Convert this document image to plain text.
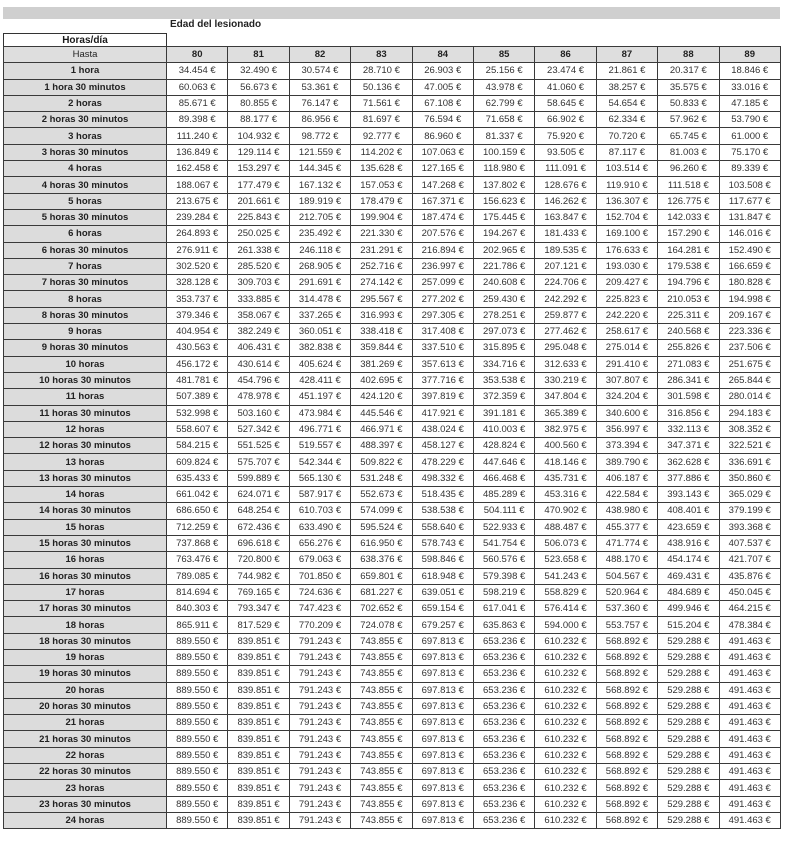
Edad del lesionado
Horas/día
Hasta	80	81	82	83	84	85	86	87	88	89
1 hora	34.454 €	32.490 €	30.574 €	28.710 €	26.903 €	25.156 €	23.474 €	21.861 €	20.317 €	18.846 €
1 hora 30 minutos	60.063 €	56.673 €	53.361 €	50.136 €	47.005 €	43.978 €	41.060 €	38.257 €	35.575 €	33.016 €
2 horas	85.671 €	80.855 €	76.147 €	71.561 €	67.108 €	62.799 €	58.645 €	54.654 €	50.833 €	47.185 €
2 horas 30 minutos	89.398 €	88.177 €	86.956 €	81.697 €	76.594 €	71.658 €	66.902 €	62.334 €	57.962 €	53.790 €
3 horas	111.240 €	104.932 €	98.772 €	92.777 €	86.960 €	81.337 €	75.920 €	70.720 €	65.745 €	61.000 €
3 horas 30 minutos	136.849 €	129.114 €	121.559 €	114.202 €	107.063 €	100.159 €	93.505 €	87.117 €	81.003 €	75.170 €
4 horas	162.458 €	153.297 €	144.345 €	135.628 €	127.165 €	118.980 €	111.091 €	103.514 €	96.260 €	89.339 €
4 horas 30 minutos	188.067 €	177.479 €	167.132 €	157.053 €	147.268 €	137.802 €	128.676 €	119.910 €	111.518 €	103.508 €
5 horas	213.675 €	201.661 €	189.919 €	178.479 €	167.371 €	156.623 €	146.262 €	136.307 €	126.775 €	117.677 €
5 horas 30 minutos	239.284 €	225.843 €	212.705 €	199.904 €	187.474 €	175.445 €	163.847 €	152.704 €	142.033 €	131.847 €
6 horas	264.893 €	250.025 €	235.492 €	221.330 €	207.576 €	194.267 €	181.433 €	169.100 €	157.290 €	146.016 €
6 horas 30 minutos	276.911 €	261.338 €	246.118 €	231.291 €	216.894 €	202.965 €	189.535 €	176.633 €	164.281 €	152.490 €
7 horas	302.520 €	285.520 €	268.905 €	252.716 €	236.997 €	221.786 €	207.121 €	193.030 €	179.538 €	166.659 €
7 horas 30 minutos	328.128 €	309.703 €	291.691 €	274.142 €	257.099 €	240.608 €	224.706 €	209.427 €	194.796 €	180.828 €
8 horas	353.737 €	333.885 €	314.478 €	295.567 €	277.202 €	259.430 €	242.292 €	225.823 €	210.053 €	194.998 €
8 horas 30 minutos	379.346 €	358.067 €	337.265 €	316.993 €	297.305 €	278.251 €	259.877 €	242.220 €	225.311 €	209.167 €
9 horas	404.954 €	382.249 €	360.051 €	338.418 €	317.408 €	297.073 €	277.462 €	258.617 €	240.568 €	223.336 €
9 horas 30 minutos	430.563 €	406.431 €	382.838 €	359.844 €	337.510 €	315.895 €	295.048 €	275.014 €	255.826 €	237.506 €
10 horas	456.172 €	430.614 €	405.624 €	381.269 €	357.613 €	334.716 €	312.633 €	291.410 €	271.083 €	251.675 €
10 horas 30 minutos	481.781 €	454.796 €	428.411 €	402.695 €	377.716 €	353.538 €	330.219 €	307.807 €	286.341 €	265.844 €
11 horas	507.389 €	478.978 €	451.197 €	424.120 €	397.819 €	372.359 €	347.804 €	324.204 €	301.598 €	280.014 €
11 horas 30 minutos	532.998 €	503.160 €	473.984 €	445.546 €	417.921 €	391.181 €	365.389 €	340.600 €	316.856 €	294.183 €
12 horas	558.607 €	527.342 €	496.771 €	466.971 €	438.024 €	410.003 €	382.975 €	356.997 €	332.113 €	308.352 €
12 horas 30 minutos	584.215 €	551.525 €	519.557 €	488.397 €	458.127 €	428.824 €	400.560 €	373.394 €	347.371 €	322.521 €
13 horas	609.824 €	575.707 €	542.344 €	509.822 €	478.229 €	447.646 €	418.146 €	389.790 €	362.628 €	336.691 €
13 horas 30 minutos	635.433 €	599.889 €	565.130 €	531.248 €	498.332 €	466.468 €	435.731 €	406.187 €	377.886 €	350.860 €
14 horas	661.042 €	624.071 €	587.917 €	552.673 €	518.435 €	485.289 €	453.316 €	422.584 €	393.143 €	365.029 €
14 horas 30 minutos	686.650 €	648.254 €	610.703 €	574.099 €	538.538 €	504.111 €	470.902 €	438.980 €	408.401 €	379.199 €
15 horas	712.259 €	672.436 €	633.490 €	595.524 €	558.640 €	522.933 €	488.487 €	455.377 €	423.659 €	393.368 €
15 horas 30 minutos	737.868 €	696.618 €	656.276 €	616.950 €	578.743 €	541.754 €	506.073 €	471.774 €	438.916 €	407.537 €
16 horas	763.476 €	720.800 €	679.063 €	638.376 €	598.846 €	560.576 €	523.658 €	488.170 €	454.174 €	421.707 €
16 horas 30 minutos	789.085 €	744.982 €	701.850 €	659.801 €	618.948 €	579.398 €	541.243 €	504.567 €	469.431 €	435.876 €
17 horas	814.694 €	769.165 €	724.636 €	681.227 €	639.051 €	598.219 €	558.829 €	520.964 €	484.689 €	450.045 €
17 horas 30 minutos	840.303 €	793.347 €	747.423 €	702.652 €	659.154 €	617.041 €	576.414 €	537.360 €	499.946 €	464.215 €
18 horas	865.911 €	817.529 €	770.209 €	724.078 €	679.257 €	635.863 €	594.000 €	553.757 €	515.204 €	478.384 €
18 horas 30 minutos	889.550 €	839.851 €	791.243 €	743.855 €	697.813 €	653.236 €	610.232 €	568.892 €	529.288 €	491.463 €
19 horas	889.550 €	839.851 €	791.243 €	743.855 €	697.813 €	653.236 €	610.232 €	568.892 €	529.288 €	491.463 €
19 horas 30 minutos	889.550 €	839.851 €	791.243 €	743.855 €	697.813 €	653.236 €	610.232 €	568.892 €	529.288 €	491.463 €
20 horas	889.550 €	839.851 €	791.243 €	743.855 €	697.813 €	653.236 €	610.232 €	568.892 €	529.288 €	491.463 €
20 horas 30 minutos	889.550 €	839.851 €	791.243 €	743.855 €	697.813 €	653.236 €	610.232 €	568.892 €	529.288 €	491.463 €
21 horas	889.550 €	839.851 €	791.243 €	743.855 €	697.813 €	653.236 €	610.232 €	568.892 €	529.288 €	491.463 €
21 horas 30 minutos	889.550 €	839.851 €	791.243 €	743.855 €	697.813 €	653.236 €	610.232 €	568.892 €	529.288 €	491.463 €
22 horas	889.550 €	839.851 €	791.243 €	743.855 €	697.813 €	653.236 €	610.232 €	568.892 €	529.288 €	491.463 €
22 horas 30 minutos	889.550 €	839.851 €	791.243 €	743.855 €	697.813 €	653.236 €	610.232 €	568.892 €	529.288 €	491.463 €
23 horas	889.550 €	839.851 €	791.243 €	743.855 €	697.813 €	653.236 €	610.232 €	568.892 €	529.288 €	491.463 €
23 horas 30 minutos	889.550 €	839.851 €	791.243 €	743.855 €	697.813 €	653.236 €	610.232 €	568.892 €	529.288 €	491.463 €
24 horas	889.550 €	839.851 €	791.243 €	743.855 €	697.813 €	653.236 €	610.232 €	568.892 €	529.288 €	491.463 €
